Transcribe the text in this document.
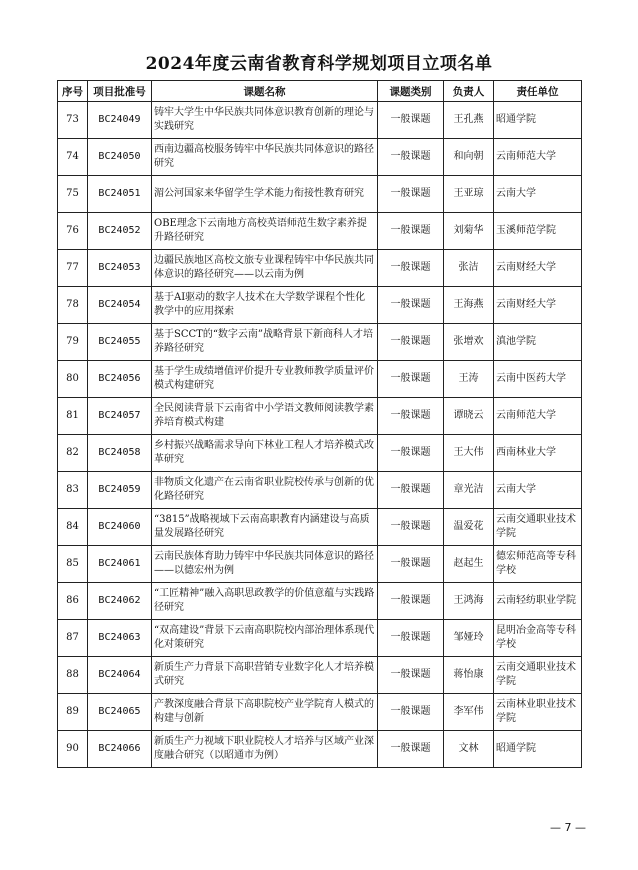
2024年度云南省教育科学规划项目立项名单
序号	项目批准号	课题名称	课题类别	负责人	责任单位
73	BC24049	铸牢大学生中华民族共同体意识教育创新的理论与实践研究	一般课题	王孔燕	昭通学院
74	BC24050	西南边疆高校服务铸牢中华民族共同体意识的路径研究	一般课题	和向朝	云南师范大学
75	BC24051	湄公河国家来华留学生学术能力衔接性教育研究	一般课题	王亚琼	云南大学
76	BC24052	OBE理念下云南地方高校英语师范生数字素养提升路径研究	一般课题	刘菊华	玉溪师范学院
77	BC24053	边疆民族地区高校文旅专业课程铸牢中华民族共同体意识的路径研究——以云南为例	一般课题	张洁	云南财经大学
78	BC24054	基于AI驱动的数字人技术在大学数学课程个性化教学中的应用探索	一般课题	王海燕	云南财经大学
79	BC24055	基于SCCT的“数字云南”战略背景下新商科人才培养路径研究	一般课题	张增欢	滇池学院
80	BC24056	基于学生成绩增值评价提升专业教师教学质量评价模式构建研究	一般课题	王涛	云南中医药大学
81	BC24057	全民阅读背景下云南省中小学语文教师阅读教学素养培育模式构建	一般课题	谭晓云	云南师范大学
82	BC24058	乡村振兴战略需求导向下林业工程人才培养模式改革研究	一般课题	王大伟	西南林业大学
83	BC24059	非物质文化遗产在云南省职业院校传承与创新的优化路径研究	一般课题	章光洁	云南大学
84	BC24060	“3815”战略视域下云南高职教育内涵建设与高质量发展路径研究	一般课题	温爱花	云南交通职业技术学院
85	BC24061	云南民族体育助力铸牢中华民族共同体意识的路径——以德宏州为例	一般课题	赵起生	德宏师范高等专科学校
86	BC24062	“工匠精神”融入高职思政教学的价值意蕴与实践路径研究	一般课题	王鸿海	云南轻纺职业学院
87	BC24063	“双高建设”背景下云南高职院校内部治理体系现代化对策研究	一般课题	邹娅玲	昆明冶金高等专科学校
88	BC24064	新质生产力背景下高职营销专业数字化人才培养模式研究	一般课题	蒋怡康	云南交通职业技术学院
89	BC24065	产教深度融合背景下高职院校产业学院育人模式的构建与创新	一般课题	李军伟	云南林业职业技术学院
90	BC24066	新质生产力视域下职业院校人才培养与区域产业深度融合研究（以昭通市为例）	一般课题	文林	昭通学院
— 7 —
